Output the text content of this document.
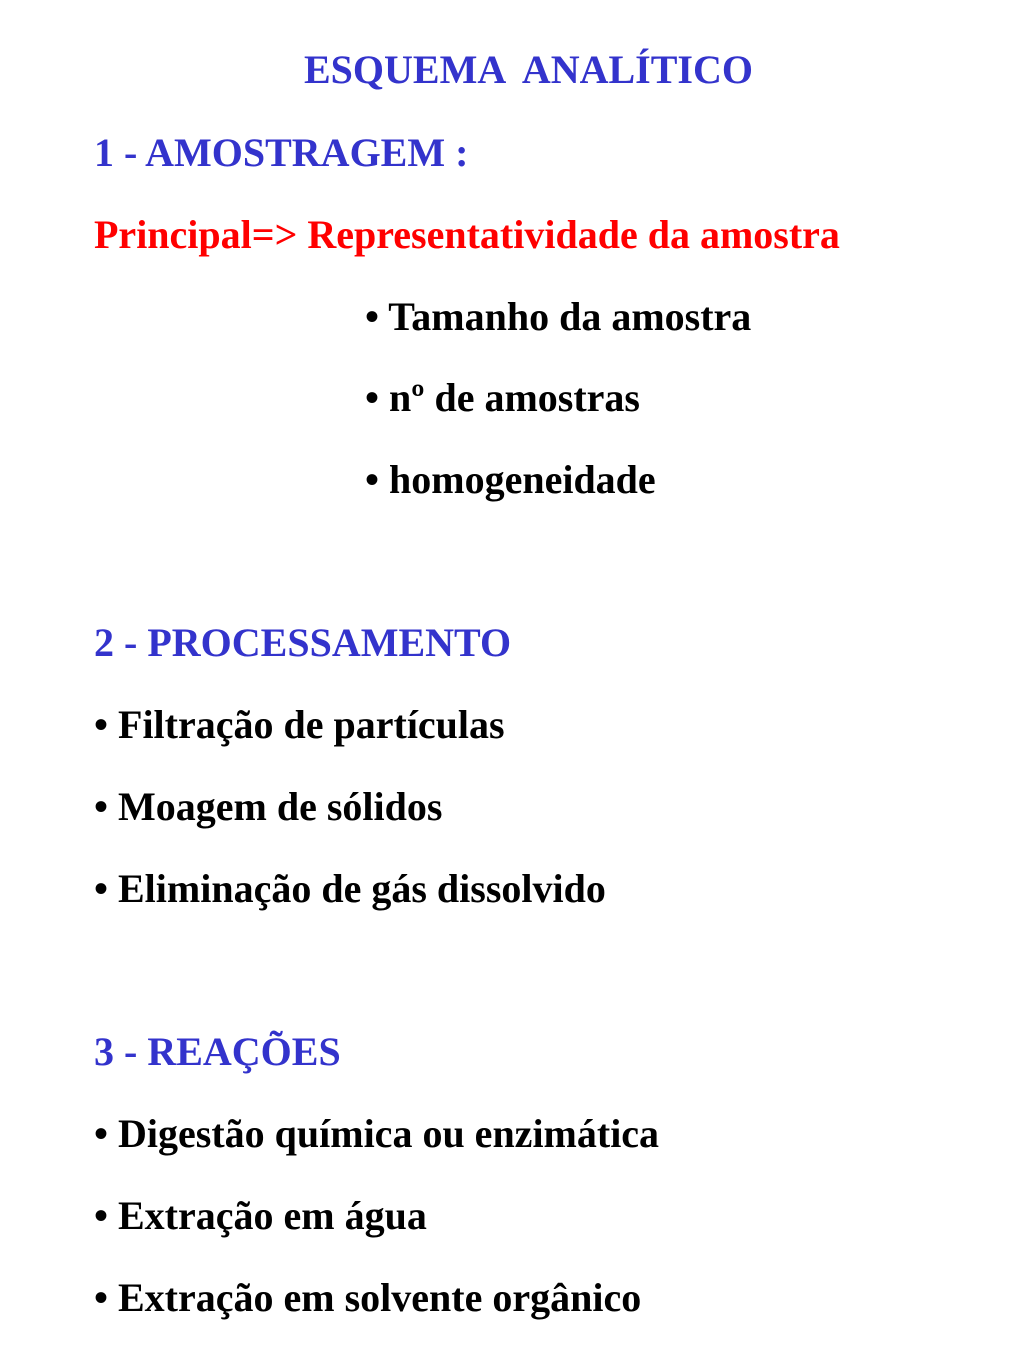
ESQUEMA  ANALÍTICO
1 - AMOSTRAGEM :

Principal=> Representatividade da amostra

• Tamanho da amostra

• nº de amostras

• homogeneidade

2 - PROCESSAMENTO

• Filtração de partículas

• Moagem de sólidos

• Eliminação de gás dissolvido

3 - REAÇÕES

• Digestão química ou enzimática

• Extração em água

• Extração em solvente orgânico
